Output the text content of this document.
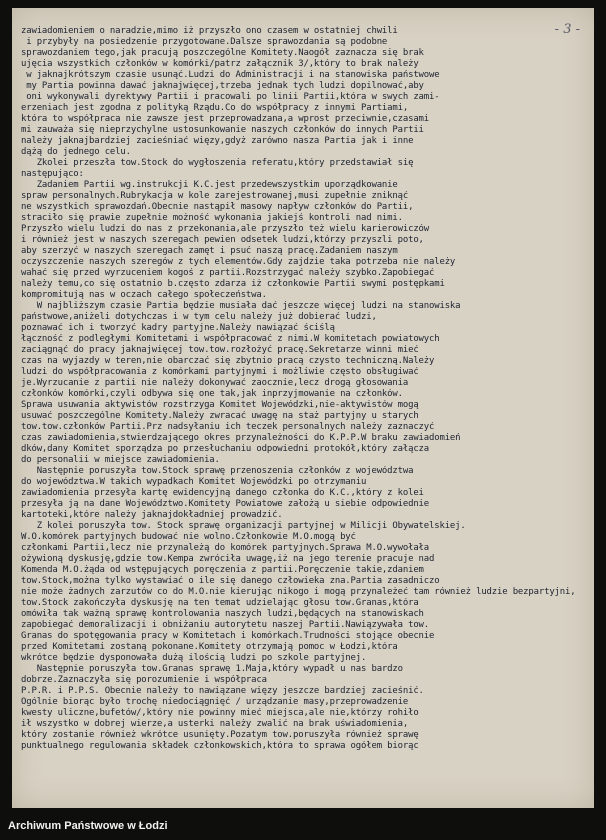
- 3 -
zawiadomieniem o naradzie,mimo iż przyszło ono czasem w ostatniej chwili
i przybyły na posiedzenie przygotowane.Dalsze sprawozdania są podobne
sprawozdaniem tego,jak pracują poszczególne Komitety.Naogół zaznacza się brak
ujęcia wszystkich członków w komórki/patrz załącznik 3/,który to brak należy
w jaknajkrótszym czasie usunąć.Ludzi do Administracji i na stanowiska państwowe
my Partia powinna dawać jaknajwięcej,trzeba jednak tych ludzi dopilnować,aby
oni wykonywali dyrektywy Partii i pracowali po linii Partii,która w swych zami-
erzeniach jest zgodna z polityką Rządu.Co do współpracy z innymi Partiami,
która to współpraca nie zawsze jest przeprowadzana,a wprost przeciwnie,czasami
mi zauważa się nieprzychylne ustosunkowanie naszych członków do innych Partii
należy jaknajbardziej zacieśniać więzy,gdyż zarówno nasza Partia jak i inne
dążą do jednego celu.
Zkolei przeszła tow.Stock do wygłoszenia referatu,który przedstawiał się
następująco:
Zadaniem Partii wg.instrukcji K.C.jest przedewszystkim uporządkowanie
spraw personalnych.Rubrykacja w kole zarejestrowanej,musi zupełnie zniknąć
ne wszystkich sprawozdań.Obecnie nastąpił masowy napływ członków do Partii,
straciło się prawie zupełnie możność wykonania jakiejś kontroli nad nimi.
Przyszło wielu ludzi do nas z przekonania,ale przyszło też wielu karierowiczów
i również jest w naszych szeregach pewien odsetek ludzi,którzy przyszli poto,
aby szerzyć w naszych szeregach zamęt i psuć naszą pracę.Zadaniem naszym
oczyszczenie naszych szeregów z tych elementów.Gdy zajdzie taka potrzeba nie należy
wahać się przed wyrzuceniem kogoś z partii.Rozstrzygać należy szybko.Zapobiegać
należy temu,co się ostatnio b.często zdarza iż członkowie Partii swymi postępkami
kompromitują nas w oczach całego społeczeństwa.
W najbliższym czasie Partia będzie musiała dać jeszcze więcej ludzi na stanowiska
państwowe,aniżeli dotychczas i w tym celu należy już dobierać ludzi,
poznawać ich i tworzyć kadry partyjne.Należy nawiązać ściślą
łączność z podległymi Komitetami i współpracować z nimi.W komitetach powiatowych
zaciągnąć do pracy jaknajwięcej tow.tow.rozłożyć pracę.Sekretarze winni mieć
czas na wyjazdy w teren,nie obarczać się zbytnio pracą czysto techniczną.Należy
ludzi do współpracowania z komórkami partyjnymi i możliwie często obsługiwać
je.Wyrzucanie z partii nie należy dokonywać zaocznie,lecz drogą głosowania
członków komórki,czyli odbywa się one tak,jak inprzyjmowanie na członków.
Sprawa usuwania aktywistów rozstrzyga Komitet Wojewódzki,nie-aktywistów mogą
usuwać poszczególne Komitety.Należy zwracać uwagę na staż partyjny u starych
tow.tow.członków Partii.Prz nadsyłaniu ich teczek personalnych należy zaznaczyć
czas zawiadomienia,stwierdzającego okres przynależności do K.P.P.W braku zawiadomień
dków,dany Komitet sporządza po przesłuchaniu odpowiedni protokół,który załącza
do personalii w miejsce zawiadomienia.
Następnie poruszyła tow.Stock sprawę przenoszenia członków z województwa
do województwa.W takich wypadkach Komitet Wojewódzki po otrzymaniu
zawiadomienia przesyła kartę ewidencyjną danego członka do K.C.,który z kolei
przesyła ją na dane Województwo.Komitety Powiatowe założą u siebie odpowiednie
kartoteki,które należy jaknajdokładniej prowadzić.
Z kolei poruszyła tow. Stock sprawę organizacji partyjnej w Milicji Obywatelskiej.
W.O.komórek partyjnych budować nie wolno.Członkowie M.O.mogą być
członkami Partii,lecz nie przynależą do komórek partyjnych.Sprawa M.O.wywołała
ożywioną dyskusję,gdzie tow.Kempa zwróciła uwagę,iż na jego terenie pracuje nad
Komenda M.O.żąda od wstępujących poręczenia z partii.Poręczenie takie,zdaniem
tow.Stock,można tylko wystawiać o ile się danego człowieka zna.Partia zasadniczo
nie może żadnych zarzutów co do M.O.nie kierując nikogo i mogą przynależeć tam również ludzie bezpartyjni,
tow.Stock zakończyła dyskusję na ten temat udzielając głosu tow.Granas,która
omówiła tak ważną sprawę kontrolowania naszych ludzi,będących na stanowiskach
zapobiegać demoralizacji i obniżaniu autorytetu naszej Partii.Nawiązywała tow.
Granas do spotęgowania pracy w Komitetach i komórkach.Trudności stojące obecnie
przed Komitetami zostaną pokonane.Komitety otrzymają pomoc w Łodzi,która
wkrótce będzie dysponowała dużą ilością ludzi po szkole partyjnej.
Następnie poruszyła tow.Granas sprawę 1.Maja,który wypadł u nas bardzo
dobrze.Zaznaczyła się porozumienie i współpraca
P.P.R. i P.P.S. Obecnie należy to nawiązane więzy jeszcze bardziej zacieśnić.
Ogólnie biorąc było trochę niedociągnięć / urządzanie masy,przeprowadzenie
kwesty uliczne,bufetów/,który nie powinny mieć miejsca,ale nie,którzy rohiło
ił wszystko w dobrej wierze,a usterki należy zwalić na brak uświadomienia,
który zostanie również wkrótce usunięty.Pozatym tow.poruszyła również sprawę
punktualnego regulowania składek członkowskich,która to sprawa ogółem biorąc
Archiwum Państwowe w Łodzi
